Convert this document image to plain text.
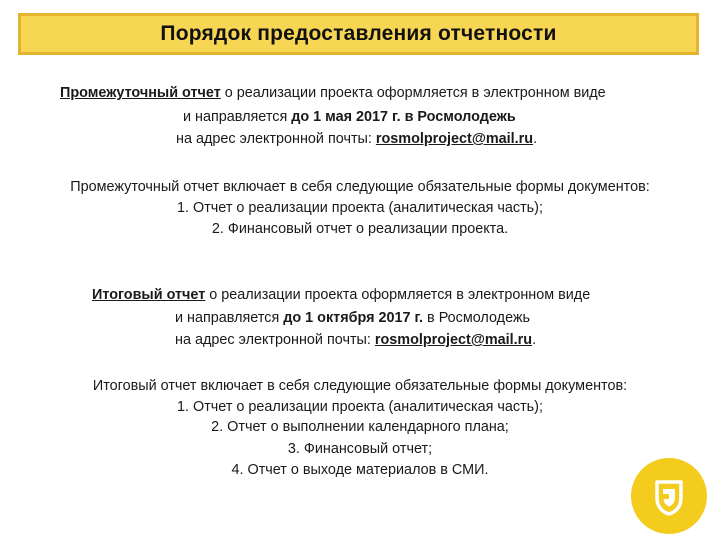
Порядок предоставления отчетности
Промежуточный отчет о реализации проекта оформляется в электронном виде
и направляется до 1 мая 2017 г. в Росмолодежь
на адрес электронной почты: rosmolproject@mail.ru.
Промежуточный отчет включает в себя следующие обязательные формы документов:
1. Отчет о реализации проекта (аналитическая часть);
2. Финансовый отчет о реализации проекта.
Итоговый отчет о реализации проекта оформляется в электронном виде
и направляется до 1 октября 2017 г. в Росмолодежь
на адрес электронной почты: rosmolproject@mail.ru.
Итоговый отчет включает в себя следующие обязательные формы документов:
1. Отчет о реализации проекта (аналитическая часть);
2. Отчет о выполнении календарного плана;
3. Финансовый отчет;
4. Отчет о выходе материалов в СМИ.
